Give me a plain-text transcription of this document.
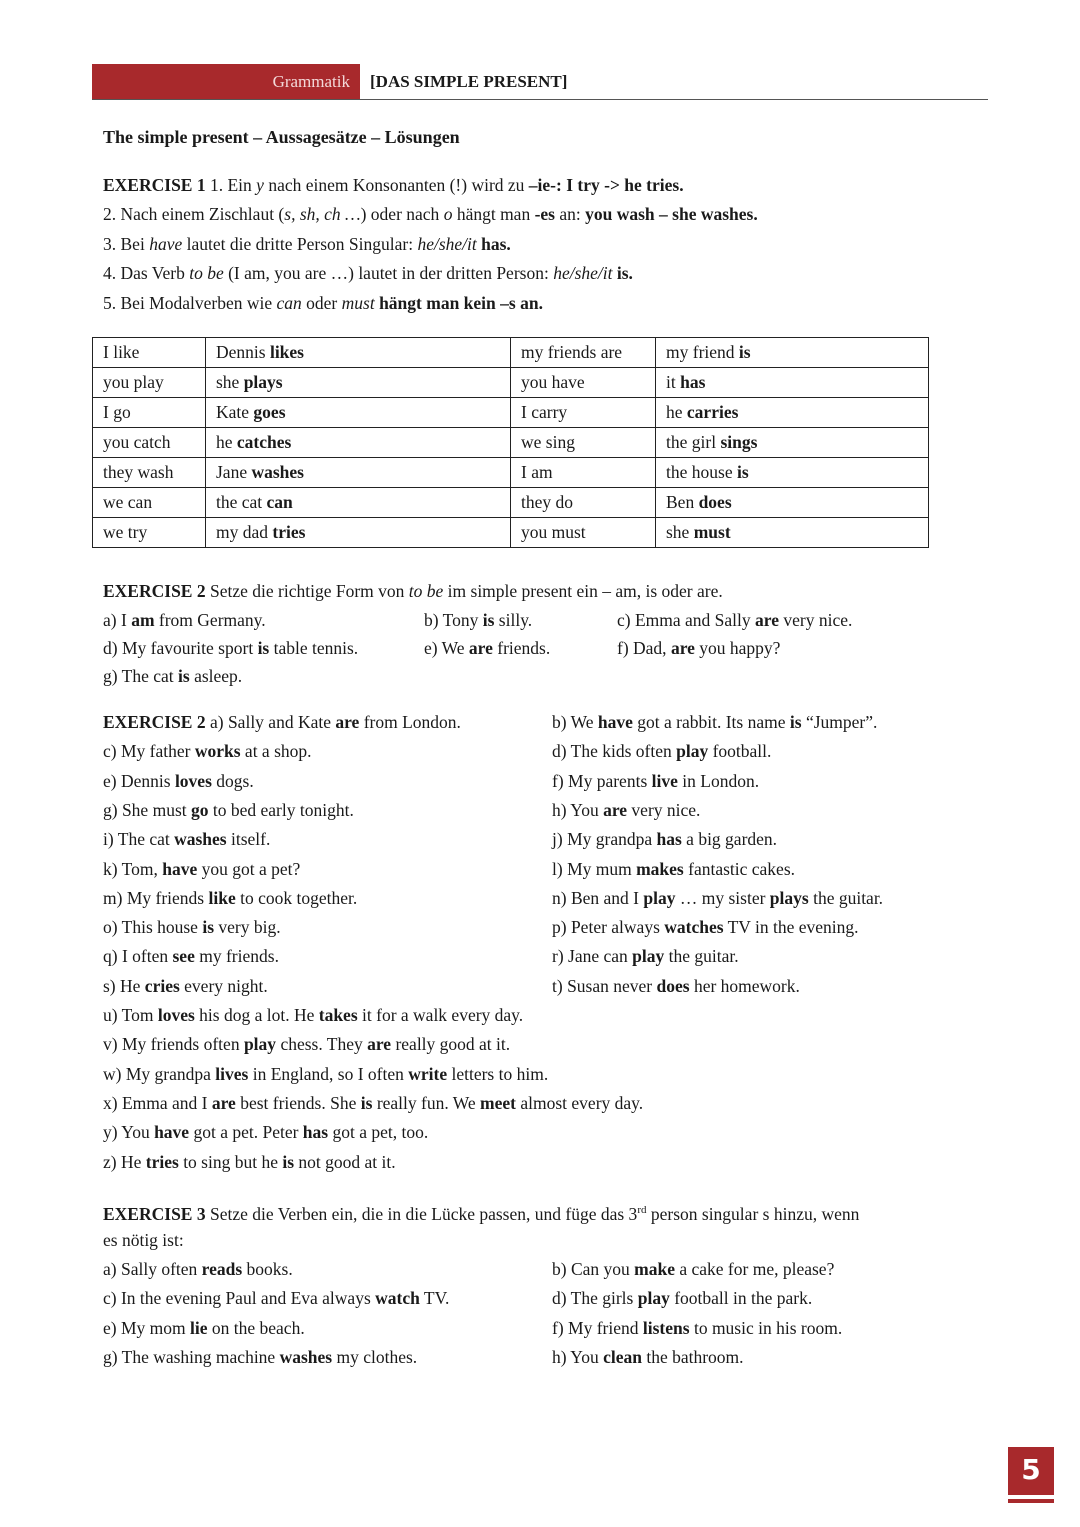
Grammatik [DAS SIMPLE PRESENT]
The simple present – Aussagesätze – Lösungen
EXERCISE 1 1. Ein y nach einem Konsonanten (!) wird zu –ie-: I try -> he tries.
2. Nach einem Zischlaut (s, sh, ch …) oder nach o hängt man -es an: you wash – she washes.
3. Bei have lautet die dritte Person Singular: he/she/it has.
4. Das Verb to be (I am, you are …) lautet in der dritten Person: he/she/it is.
5. Bei Modalverben wie can oder must hängt man kein –s an.
I like	Dennis likes	my friends are	my friend is
you play	she plays	you have	it has
I go	Kate goes	I carry	he carries
you catch	he catches	we sing	the girl sings
they wash	Jane washes	I am	the house is
we can	the cat can	they do	Ben does
we try	my dad tries	you must	she must
EXERCISE 2 Setze die richtige Form von to be im simple present ein – am, is oder are.
a) I am from Germany.	b) Tony is silly.	c) Emma and Sally are very nice.
d) My favourite sport is table tennis.	e) We are friends.	f) Dad, are you happy?
g) The cat is asleep.
EXERCISE 2 a) Sally and Kate are from London.
c) My father works at a shop.
e) Dennis loves dogs.
g) She must go to bed early tonight.
i) The cat washes itself.
k) Tom, have you got a pet?
m) My friends like to cook together.
o) This house is very big.
q) I often see my friends.
s) He cries every night.
b) We have got a rabbit. Its name is “Jumper”.
d) The kids often play football.
f) My parents live in London.
h) You are very nice.
j) My grandpa has a big garden.
l) My mum makes fantastic cakes.
n) Ben and I play … my sister plays the guitar.
p) Peter always watches TV in the evening.
r) Jane can play the guitar.
t) Susan never does her homework.
u) Tom loves his dog a lot. He takes it for a walk every day.
v) My friends often play chess. They are really good at it.
w) My grandpa lives in England, so I often write letters to him.
x) Emma and I are best friends. She is really fun. We meet almost every day.
y) You have got a pet. Peter has got a pet, too.
z) He tries to sing but he is not good at it.
EXERCISE 3 Setze die Verben ein, die in die Lücke passen, und füge das 3rd person singular s hinzu, wenn
es nötig ist:
a) Sally often reads books.
c) In the evening Paul and Eva always watch TV.
e) My mom lie on the beach.
g) The washing machine washes my clothes.
b) Can you make a cake for me, please?
d) The girls play football in the park.
f) My friend listens to music in his room.
h) You clean the bathroom.
5
